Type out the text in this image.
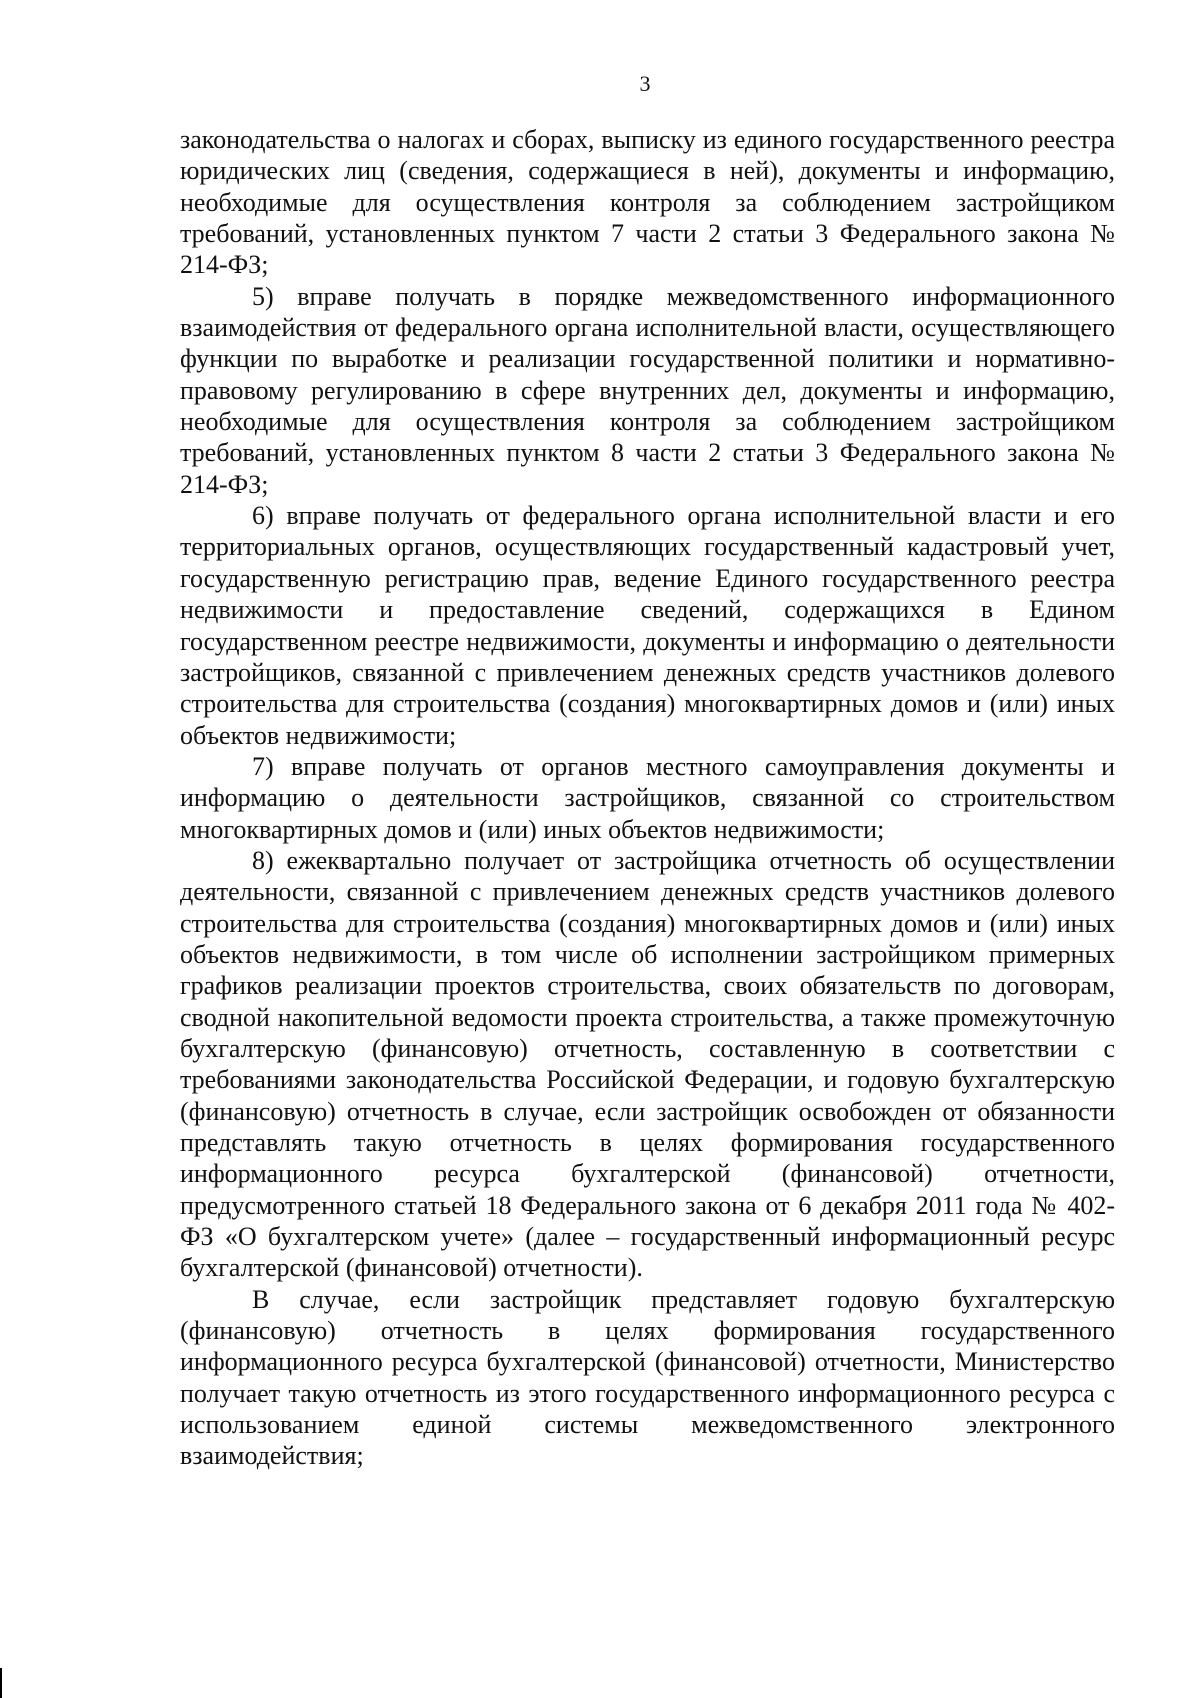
3

законодательства о налогах и сборах, выписку из единого государственного реестра юридических лиц (сведения, содержащиеся в ней), документы и информацию, необходимые для осуществления контроля за соблюдением застройщиком требований, установленных пунктом 7 части 2 статьи 3 Федерального закона № 214-ФЗ;

5) вправе получать в порядке межведомственного информационного взаимодействия от федерального органа исполнительной власти, осуществляющего функции по выработке и реализации государственной политики и нормативно-правовому регулированию в сфере внутренних дел, документы и информацию, необходимые для осуществления контроля за соблюдением застройщиком требований, установленных пунктом 8 части 2 статьи 3 Федерального закона № 214-ФЗ;

6) вправе получать от федерального органа исполнительной власти и его территориальных органов, осуществляющих государственный кадастровый учет, государственную регистрацию прав, ведение Единого государственного реестра недвижимости и предоставление сведений, содержащихся в Едином государственном реестре недвижимости, документы и информацию о деятельности застройщиков, связанной с привлечением денежных средств участников долевого строительства для строительства (создания) многоквартирных домов и (или) иных объектов недвижимости;

7) вправе получать от органов местного самоуправления документы и информацию о деятельности застройщиков, связанной со строительством многоквартирных домов и (или) иных объектов недвижимости;

8) ежеквартально получает от застройщика отчетность об осуществлении деятельности, связанной с привлечением денежных средств участников долевого строительства для строительства (создания) многоквартирных домов и (или) иных объектов недвижимости, в том числе об исполнении застройщиком примерных графиков реализации проектов строительства, своих обязательств по договорам, сводной накопительной ведомости проекта строительства, а также промежуточную бухгалтерскую (финансовую) отчетность, составленную в соответствии с требованиями законодательства Российской Федерации, и годовую бухгалтерскую (финансовую) отчетность в случае, если застройщик освобожден от обязанности представлять такую отчетность в целях формирования государственного информационного ресурса бухгалтерской (финансовой) отчетности, предусмотренного статьей 18 Федерального закона от 6 декабря 2011 года № 402-ФЗ «О бухгалтерском учете» (далее – государственный информационный ресурс бухгалтерской (финансовой) отчетности).

В случае, если застройщик представляет годовую бухгалтерскую (финансовую) отчетность в целях формирования государственного информационного ресурса бухгалтерской (финансовой) отчетности, Министерство получает такую отчетность из этого государственного информационного ресурса с использованием единой системы межведомственного электронного взаимодействия;
